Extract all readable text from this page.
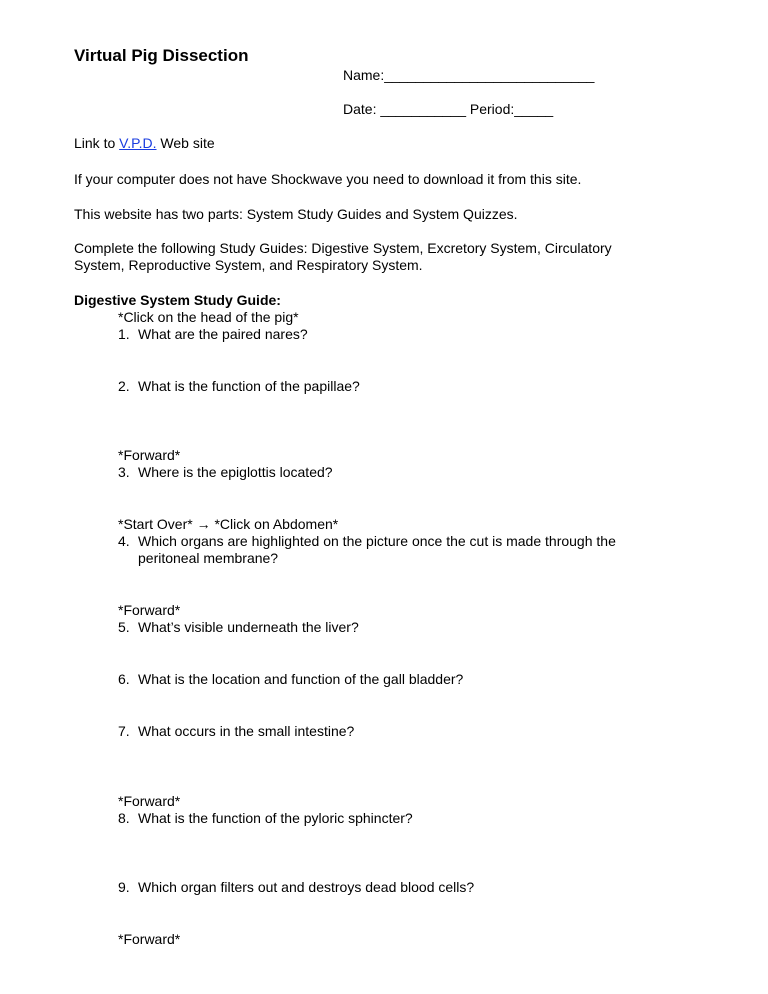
Virtual Pig Dissection
Name:___________________________
Date: ___________ Period:_____
Link to V.P.D. Web site
If your computer does not have Shockwave you need to download it from this site.
This website has two parts: System Study Guides and System Quizzes.
Complete the following Study Guides: Digestive System, Excretory System, Circulatory
System, Reproductive System, and Respiratory System.
Digestive System Study Guide:
*Click on the head of the pig*
1. What are the paired nares?
2. What is the function of the papillae?
*Forward*
3. Where is the epiglottis located?
*Start Over* → *Click on Abdomen*
4. Which organs are highlighted on the picture once the cut is made through the
peritoneal membrane?
*Forward*
5. What’s visible underneath the liver?
6. What is the location and function of the gall bladder?
7. What occurs in the small intestine?
*Forward*
8. What is the function of the pyloric sphincter?
9. Which organ filters out and destroys dead blood cells?
*Forward*
